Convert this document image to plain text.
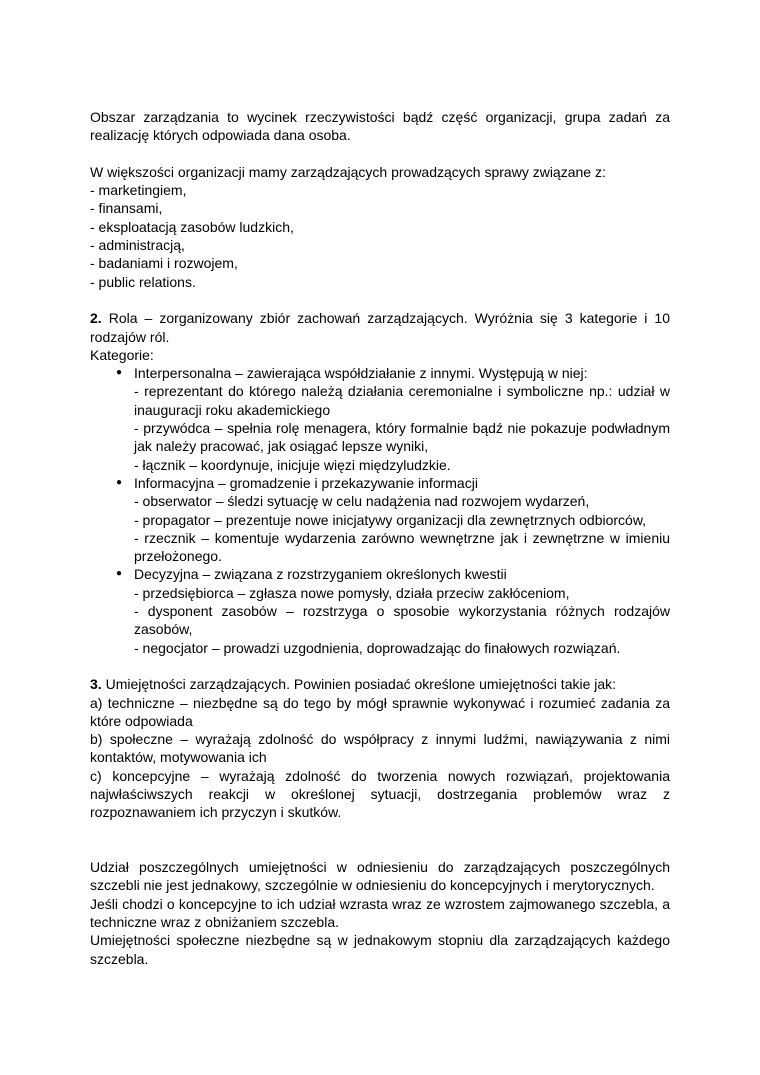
Obszar zarządzania to wycinek rzeczywistości bądź część organizacji, grupa zadań za realizację których odpowiada dana osoba.

W większości organizacji mamy zarządzających prowadzących sprawy związane z:

- marketingiem,
- finansami,
- eksploatacją zasobów ludzkich,
- administracją,
- badaniami i rozwojem,
- public relations.

2. Rola – zorganizowany zbiór zachowań zarządzających. Wyróżnia się 3 kategorie i 10 rodzajów ról.

Kategorie:

● Interpersonalna – zawierająca współdziałanie z innymi. Występują w niej:
- reprezentant do którego należą działania ceremonialne i symboliczne np.: udział w inauguracji roku akademickiego
- przywódca – spełnia rolę menagera, który formalnie bądź nie pokazuje podwładnym jak należy pracować, jak osiągać lepsze wyniki,
- łącznik – koordynuje, inicjuje więzi międzyludzkie.
● Informacyjna – gromadzenie i przekazywanie informacji
- obserwator – śledzi sytuację w celu nadążenia nad rozwojem wydarzeń,
- propagator – prezentuje nowe inicjatywy organizacji dla zewnętrznych odbiorców,
- rzecznik – komentuje wydarzenia zarówno wewnętrzne jak i zewnętrzne w imieniu przełożonego.
● Decyzyjna – związana z rozstrzyganiem określonych kwestii
- przedsiębiorca – zgłasza nowe pomysły, działa przeciw zakłóceniom,
- dysponent zasobów – rozstrzyga o sposobie wykorzystania różnych rodzajów zasobów,
- negocjator – prowadzi uzgodnienia, doprowadzając do finałowych rozwiązań.

3. Umiejętności zarządzających. Powinien posiadać określone umiejętności takie jak:

a) techniczne – niezbędne są do tego by mógł sprawnie wykonywać i rozumieć zadania za które odpowiada

b) społeczne – wyrażają zdolność do współpracy z innymi ludźmi, nawiązywania z nimi kontaktów, motywowania ich

c) koncepcyjne – wyrażają zdolność do tworzenia nowych rozwiązań, projektowania najwłaściwszych reakcji w określonej sytuacji, dostrzegania problemów wraz z rozpoznawaniem ich przyczyn i skutków.

Udział poszczególnych umiejętności w odniesieniu do zarządzających poszczególnych szczebli nie jest jednakowy, szczególnie w odniesieniu do koncepcyjnych i merytorycznych.

Jeśli chodzi o koncepcyjne to ich udział wzrasta wraz ze wzrostem zajmowanego szczebla, a techniczne wraz z obniżaniem szczebla.

Umiejętności społeczne niezbędne są w jednakowym stopniu dla zarządzających każdego szczebla.
